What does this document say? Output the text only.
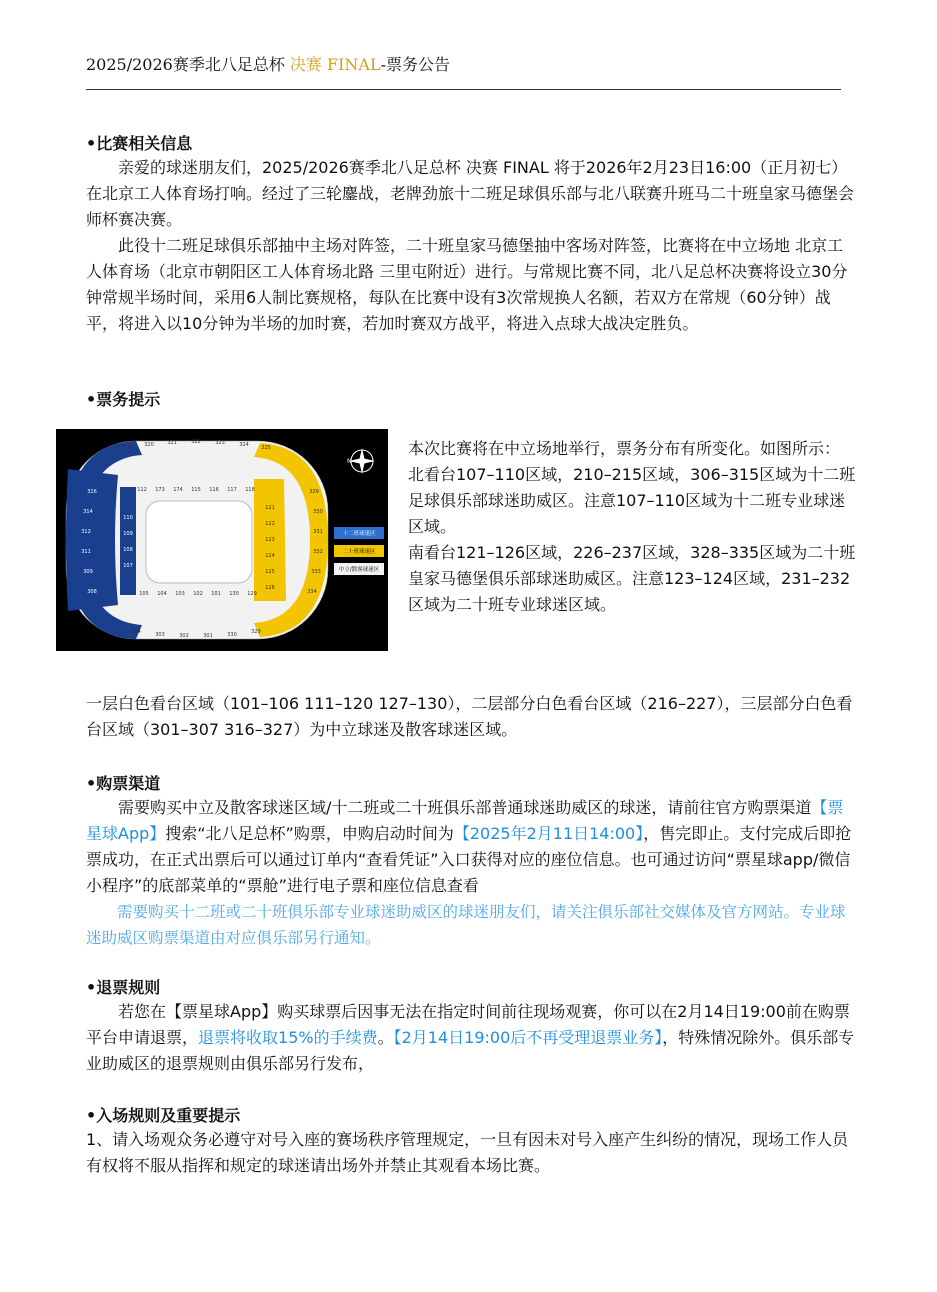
2025/2026赛季北八足总杯 决赛 FINAL-票务公告
•比赛相关信息

亲爱的球迷朋友们，2025/2026赛季北八足总杯 决赛 FINAL 将于2026年2月23日16:00（正月初七）在北京工人体育场打响。经过了三轮鏖战，老牌劲旅十二班足球俱乐部与北八联赛升班马二十班皇家马德堡会师杯赛决赛。

此役十二班足球俱乐部抽中主场对阵签，二十班皇家马德堡抽中客场对阵签，比赛将在中立场地 北京工人体育场（北京市朝阳区工人体育场北路 三里屯附近）进行。与常规比赛不同，北八足总杯决赛将设立30分钟常规半场时间，采用6人制比赛规格，每队在比赛中设有3次常规换人名额，若双方在常规（60分钟）战平，将进入以10分钟为半场的加时赛，若加时赛双方战平，将进入点球大战决定胜负。

•票务提示
319	320	321	322	323	324 325
112 173 174 115 116 117 118
105 104 103 102 101 130 129
304	303	302	301	330	329
316
314
312
311
309
308
110
109
108
107
329
330
331
332
333
334
121
122
123
124
125
126
N
十二班球迷区
二十班球迷区
中立/散客球迷区

本次比赛将在中立场地举行，票务分布有所变化。如图所示：

北看台107–110区域，210–215区域，306–315区域为十二班足球俱乐部球迷助威区。注意107–110区域为十二班专业球迷区域。

南看台121–126区域，226–237区域，328–335区域为二十班皇家马德堡俱乐部球迷助威区。注意123–124区域，231–232区域为二十班专业球迷区域。

一层白色看台区域（101–106 111–120 127–130），二层部分白色看台区域（216–227），三层部分白色看台区域（301–307 316–327）为中立球迷及散客球迷区域。

•购票渠道

需要购买中立及散客球迷区域/十二班或二十班俱乐部普通球迷助威区的球迷，请前往官方购票渠道【票星球App】搜索“北八足总杯”购票，申购启动时间为【2025年2月11日14:00】，售完即止。支付完成后即抢票成功，在正式出票后可以通过订单内“查看凭证”入口获得对应的座位信息。也可通过访问“票星球app/微信小程序”的底部菜单的“票舱”进行电子票和座位信息查看

需要购买十二班或二十班俱乐部专业球迷助威区的球迷朋友们，请关注俱乐部社交媒体及官方网站。专业球迷助威区购票渠道由对应俱乐部另行通知。

•退票规则

若您在【票星球App】购买球票后因事无法在指定时间前往现场观赛，你可以在2月14日19:00前在购票平台申请退票，退票将收取15%的手续费。【2月14日19:00后不再受理退票业务】，特殊情况除外。俱乐部专业助威区的退票规则由俱乐部另行发布，

•入场规则及重要提示

1、请入场观众务必遵守对号入座的赛场秩序管理规定，一旦有因未对号入座产生纠纷的情况，现场工作人员有权将不服从指挥和规定的球迷请出场外并禁止其观看本场比赛。
